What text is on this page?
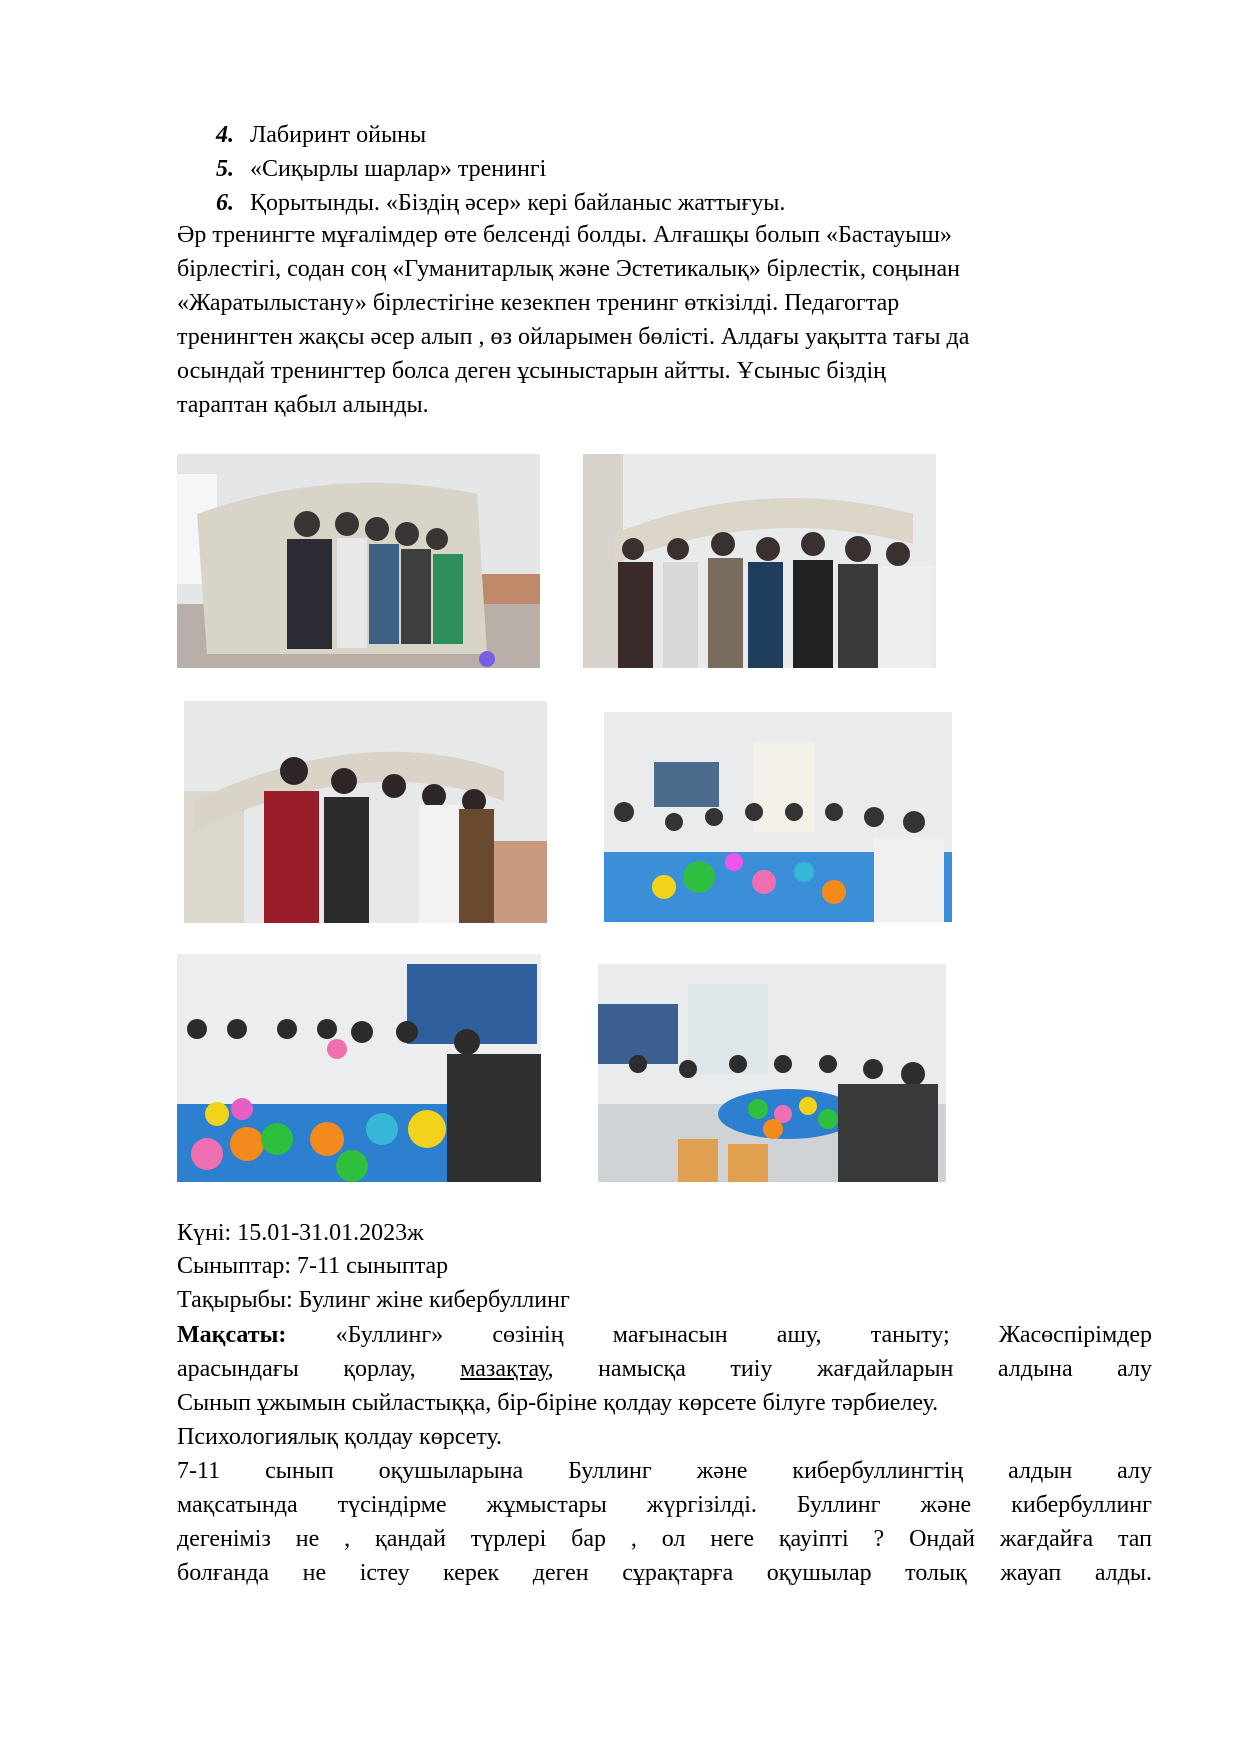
4. Лабиринт ойыны
5. «Сиқырлы шарлар» тренингі
6. Қорытынды. «Біздің әсер» кері байланыс жаттығуы.
Әр тренингте мұғалімдер өте белсенді болды. Алғашқы болып «Бастауыш»
бірлестігі, содан соң «Гуманитарлық және Эстетикалық» бірлестік, соңынан
«Жаратылыстану» бірлестігіне кезекпен тренинг өткізілді. Педагогтар
тренингтен жақсы әсер алып , өз ойларымен бөлісті. Алдағы уақытта тағы да
осындай тренингтер болса деген ұсыныстарын айтты. Ұсыныс біздің
тараптан қабыл алынды.
Күні: 15.01-31.01.2023ж
Сыныптар: 7-11 сыныптар
Тақырыбы: Булинг жіне кибербуллинг
Мақсаты: «Буллинг» сөзінің мағынасын ашу, таныту; Жасөспірімдер
арасындағы қорлау, мазақтау, намысқа тиіу жағдайларын алдына алу
Сынып ұжымын сыйластыққа, бір-біріне қолдау көрсете білуге тәрбиелеу.
Психологиялық қолдау көрсету.
7-11 сынып оқушыларына Буллинг және кибербуллингтің алдын алу
мақсатында түсіндірме жұмыстары жүргізілді. Буллинг және кибербуллинг
дегеніміз не , қандай түрлері бар , ол неге қауіпті ? Ондай жағдайға тап
болғанда не істеу керек деген сұрақтарға оқушылар толық жауап алды.
